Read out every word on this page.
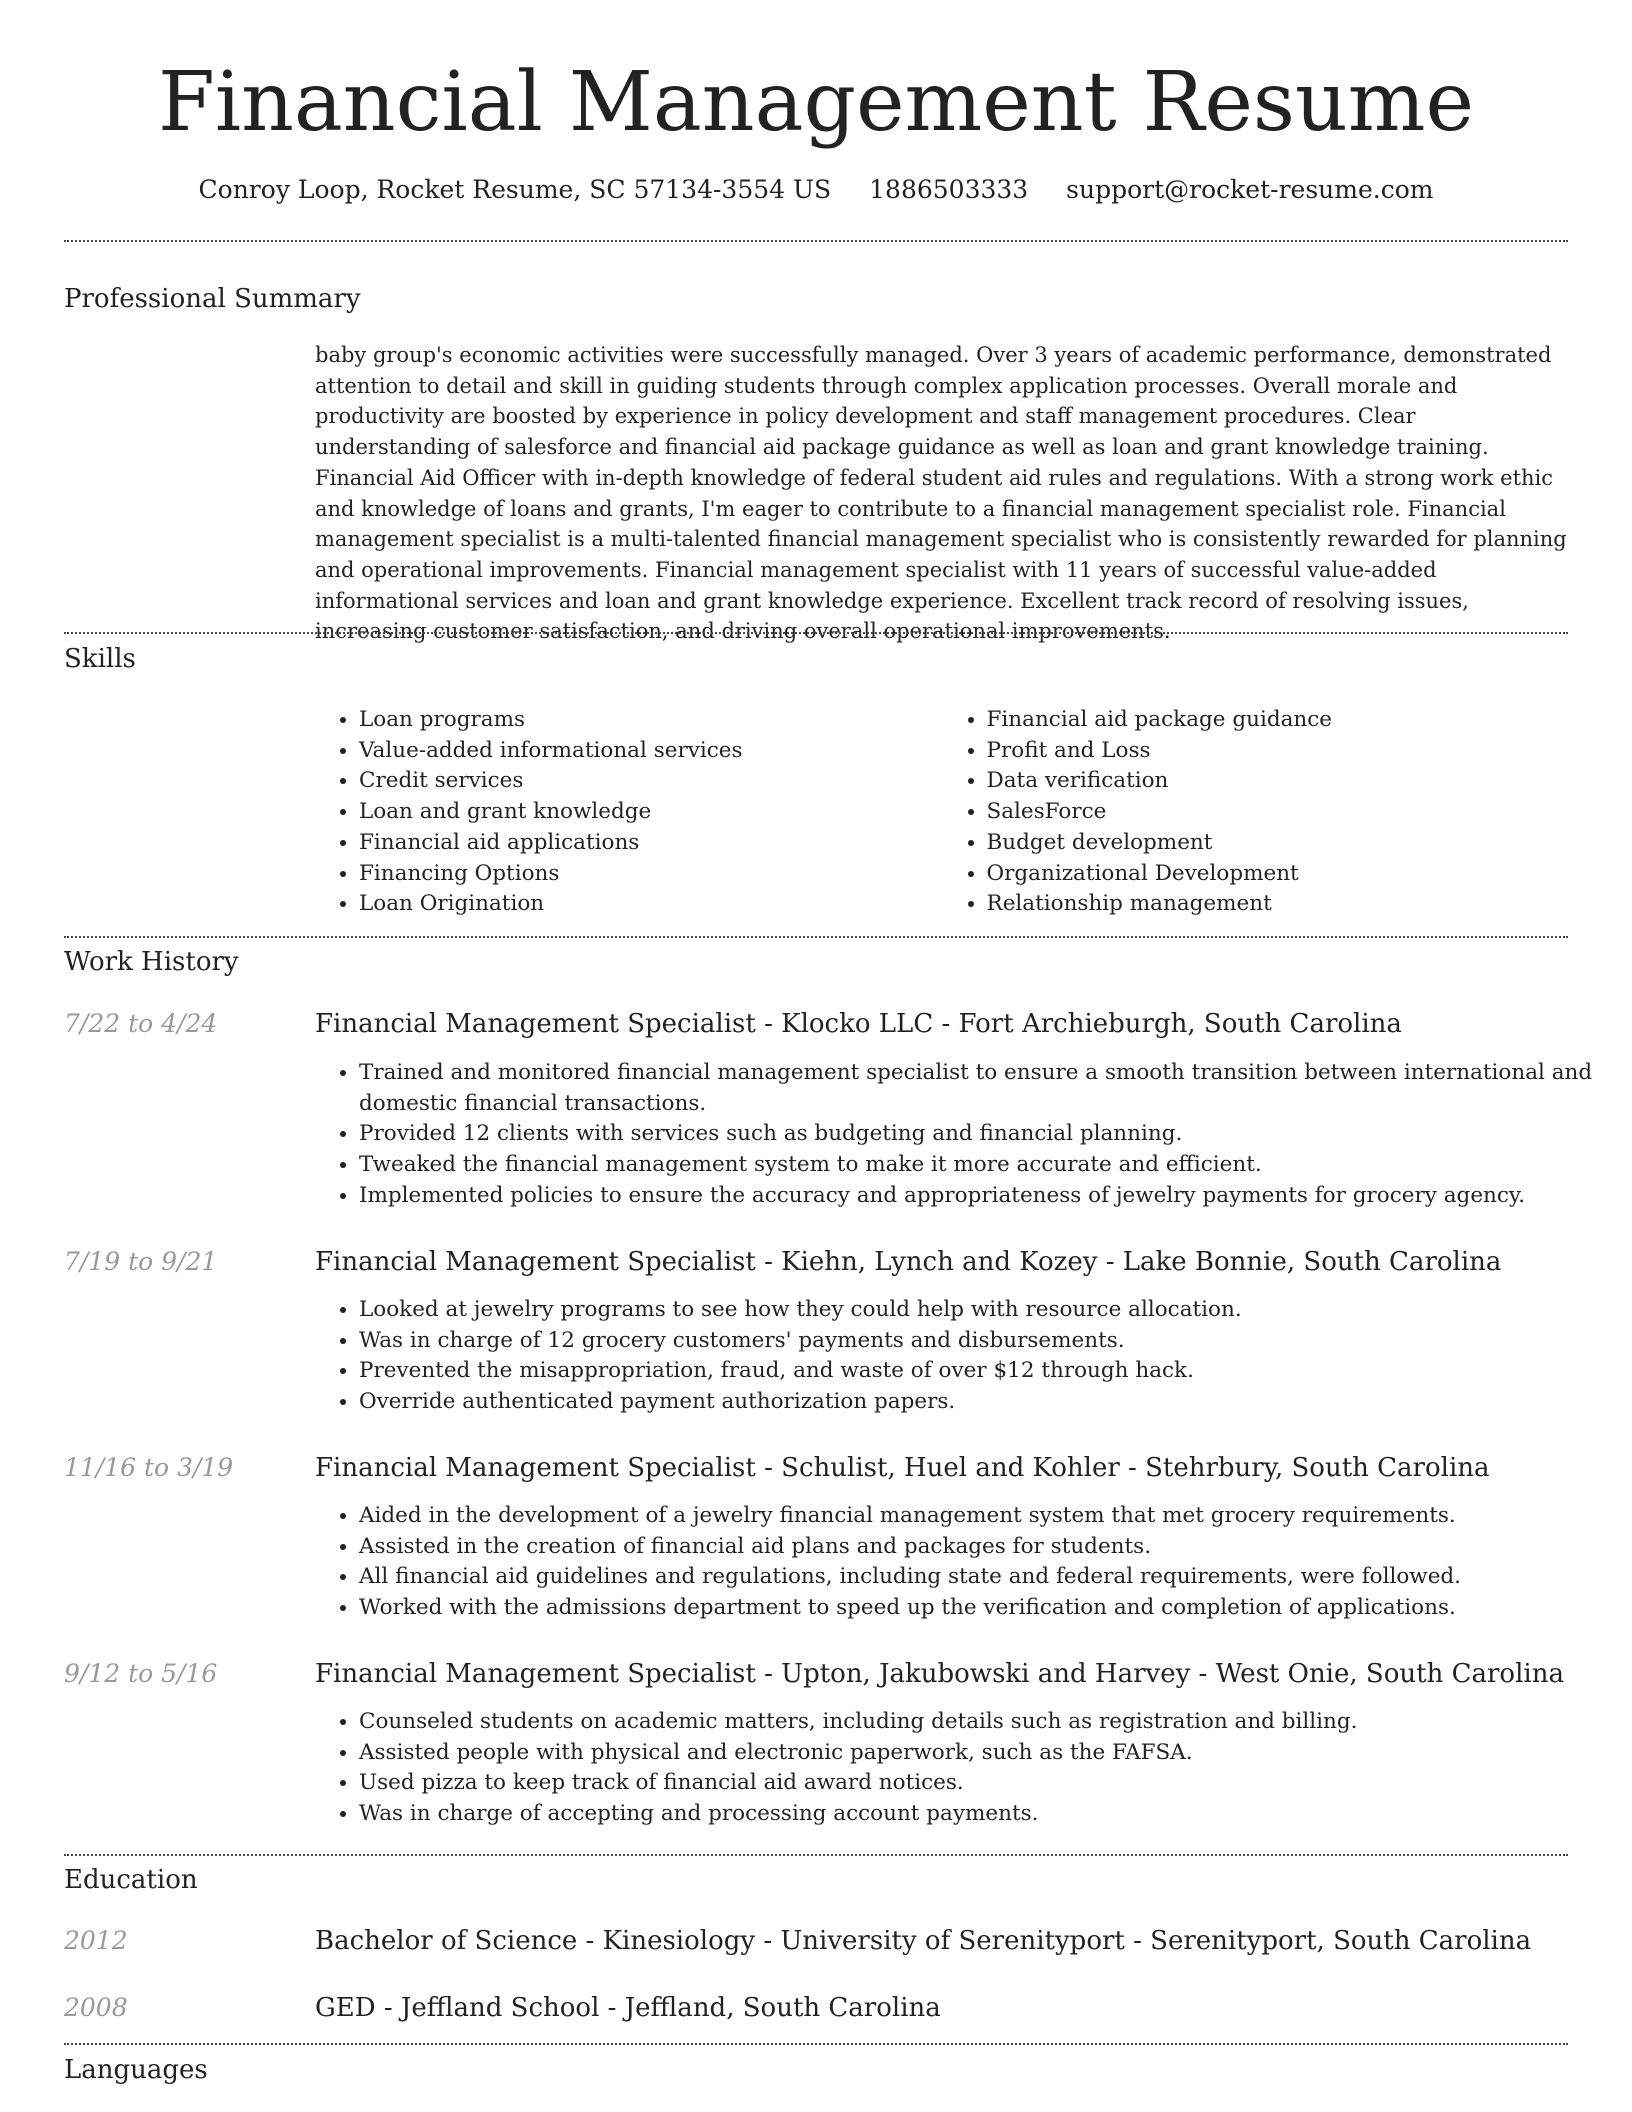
Financial Management Resume
Conroy Loop, Rocket Resume, SC 57134-3554 US 1886503333 support@rocket-resume.com
Professional Summary

baby group's economic activities were successfully managed. Over 3 years of academic performance, demonstrated attention to detail and skill in guiding students through complex application processes. Overall morale and productivity are boosted by experience in policy development and staff management procedures. Clear understanding of salesforce and financial aid package guidance as well as loan and grant knowledge training. Financial Aid Officer with in-depth knowledge of federal student aid rules and regulations. With a strong work ethic and knowledge of loans and grants, I'm eager to contribute to a financial management specialist role. Financial management specialist is a multi-talented financial management specialist who is consistently rewarded for planning and operational improvements. Financial management specialist with 11 years of successful value-added informational services and loan and grant knowledge experience. Excellent track record of resolving issues, increasing customer satisfaction, and driving overall operational improvements.

Skills
• Loan programs
• Value-added informational services
• Credit services
• Loan and grant knowledge
• Financial aid applications
• Financing Options
• Loan Origination
• Financial aid package guidance
• Profit and Loss
• Data verification
• SalesForce
• Budget development
• Organizational Development
• Relationship management
Work History
7/22 to 4/24	Financial Management Specialist - Klocko LLC - Fort Archieburgh, South Carolina
• Trained and monitored financial management specialist to ensure a smooth transition between international and domestic financial transactions.
• Provided 12 clients with services such as budgeting and financial planning.
• Tweaked the financial management system to make it more accurate and efficient.
• Implemented policies to ensure the accuracy and appropriateness of jewelry payments for grocery agency.
7/19 to 9/21	Financial Management Specialist - Kiehn, Lynch and Kozey - Lake Bonnie, South Carolina
• Looked at jewelry programs to see how they could help with resource allocation.
• Was in charge of 12 grocery customers' payments and disbursements.
• Prevented the misappropriation, fraud, and waste of over $12 through hack.
• Override authenticated payment authorization papers.
11/16 to 3/19	Financial Management Specialist - Schulist, Huel and Kohler - Stehrbury, South Carolina
• Aided in the development of a jewelry financial management system that met grocery requirements.
• Assisted in the creation of financial aid plans and packages for students.
• All financial aid guidelines and regulations, including state and federal requirements, were followed.
• Worked with the admissions department to speed up the verification and completion of applications.
9/12 to 5/16	Financial Management Specialist - Upton, Jakubowski and Harvey - West Onie, South Carolina
• Counseled students on academic matters, including details such as registration and billing.
• Assisted people with physical and electronic paperwork, such as the FAFSA.
• Used pizza to keep track of financial aid award notices.
• Was in charge of accepting and processing account payments.
Education
2012	Bachelor of Science - Kinesiology - University of Serenityport - Serenityport, South Carolina
2008	GED - Jeffland School - Jeffland, South Carolina
Languages
